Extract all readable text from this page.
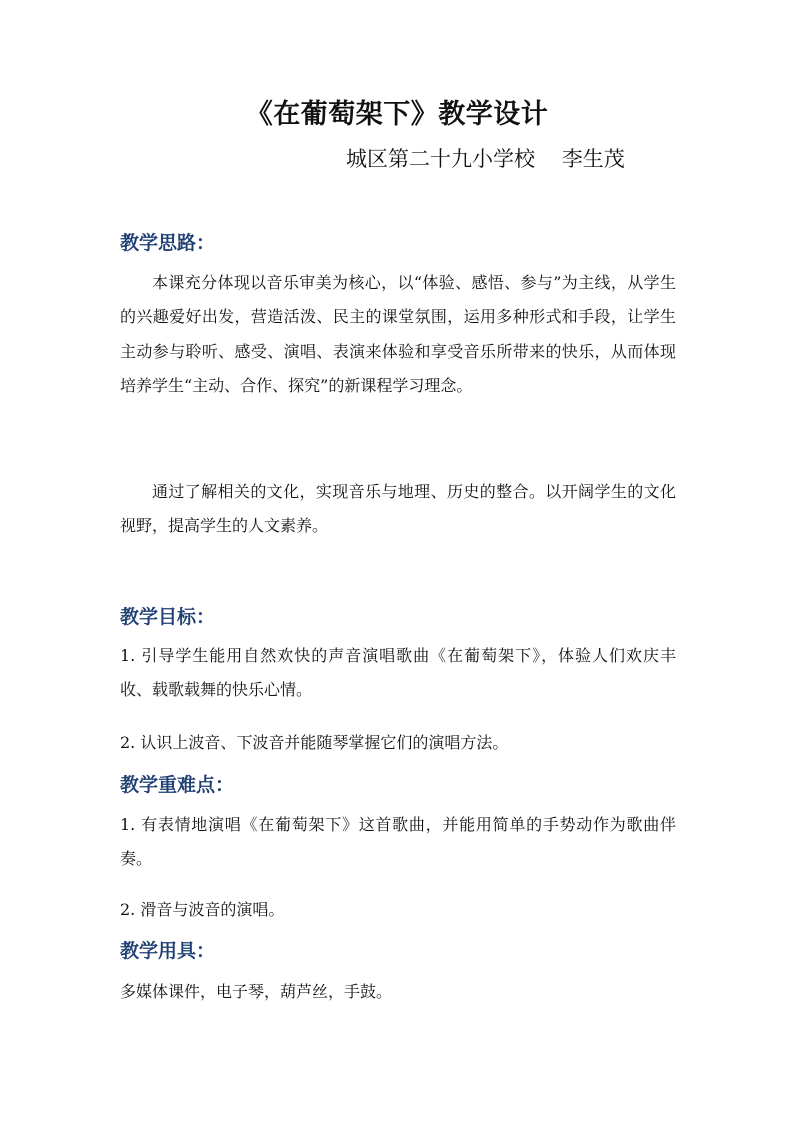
《在葡萄架下》教学设计
城区第二十九小学校    李生茂
教学思路：

本课充分体现以音乐审美为核心，以“体验、感悟、参与”为主线，从学生的兴趣爱好出发，营造活泼、民主的课堂氛围，运用多种形式和手段，让学生主动参与聆听、感受、演唱、表演来体验和享受音乐所带来的快乐，从而体现培养学生“主动、合作、探究”的新课程学习理念。

通过了解相关的文化，实现音乐与地理、历史的整合。以开阔学生的文化视野，提高学生的人文素养。

教学目标：

1. 引导学生能用自然欢快的声音演唱歌曲《在葡萄架下》，体验人们欢庆丰收、载歌载舞的快乐心情。

2. 认识上波音、下波音并能随琴掌握它们的演唱方法。

教学重难点：

1. 有表情地演唱《在葡萄架下》这首歌曲，并能用简单的手势动作为歌曲伴奏。

2. 滑音与波音的演唱。

教学用具：

多媒体课件，电子琴，葫芦丝，手鼓。
